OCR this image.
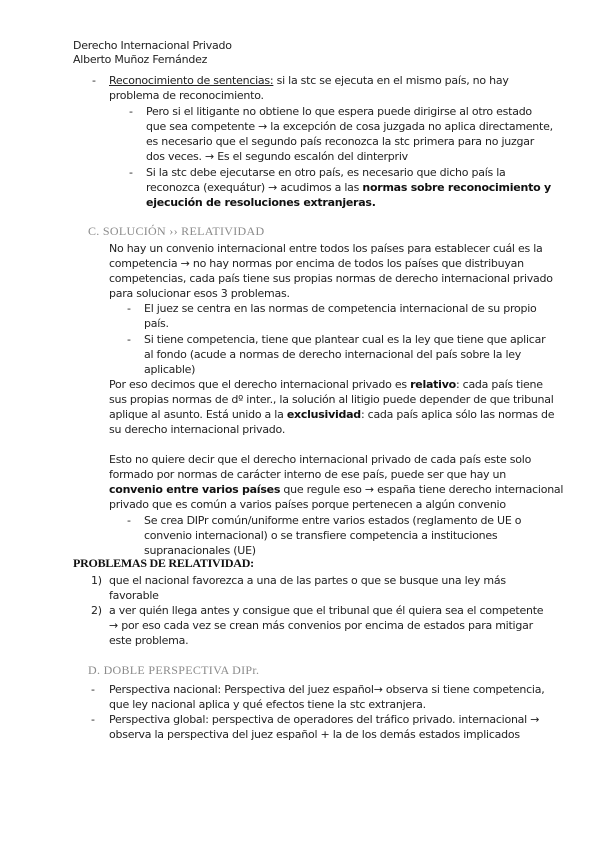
Derecho Internacional Privado
Alberto Muñoz Fernández
- Reconocimiento de sentencias: si la stc se ejecuta en el mismo país, no hay
problema de reconocimiento.
- Pero si el litigante no obtiene lo que espera puede dirigirse al otro estado
que sea competente → la excepción de cosa juzgada no aplica directamente,
es necesario que el segundo país reconozca la stc primera para no juzgar
dos veces. → Es el segundo escalón del dinterpriv
- Si la stc debe ejecutarse en otro país, es necesario que dicho país la
reconozca (exequátur) → acudimos a las normas sobre reconocimiento y
ejecución de resoluciones extranjeras.
C. SOLUCIÓN ›› RELATIVIDAD
No hay un convenio internacional entre todos los países para establecer cuál es la
competencia → no hay normas por encima de todos los países que distribuyan
competencias, cada país tiene sus propias normas de derecho internacional privado
para solucionar esos 3 problemas.
- El juez se centra en las normas de competencia internacional de su propio
país.
- Si tiene competencia, tiene que plantear cual es la ley que tiene que aplicar
al fondo (acude a normas de derecho internacional del país sobre la ley
aplicable)
Por eso decimos que el derecho internacional privado es relativo: cada país tiene
sus propias normas de dº inter., la solución al litigio puede depender de que tribunal
aplique al asunto. Está unido a la exclusividad: cada país aplica sólo las normas de
su derecho internacional privado.
Esto no quiere decir que el derecho internacional privado de cada país este solo
formado por normas de carácter interno de ese país, puede ser que hay un
convenio entre varios países que regule eso → españa tiene derecho internacional
privado que es común a varios países porque pertenecen a algún convenio
- Se crea DIPr común/uniforme entre varios estados (reglamento de UE o
convenio internacional) o se transfiere competencia a instituciones
supranacionales (UE)
PROBLEMAS DE RELATIVIDAD:
1) que el nacional favorezca a una de las partes o que se busque una ley más
favorable
2) a ver quién llega antes y consigue que el tribunal que él quiera sea el competente
→ por eso cada vez se crean más convenios por encima de estados para mitigar
este problema.
D. DOBLE PERSPECTIVA DIPr.
- Perspectiva nacional: Perspectiva del juez español→ observa si tiene competencia,
que ley nacional aplica y qué efectos tiene la stc extranjera.
- Perspectiva global: perspectiva de operadores del tráfico privado. internacional →
observa la perspectiva del juez español + la de los demás estados implicados
